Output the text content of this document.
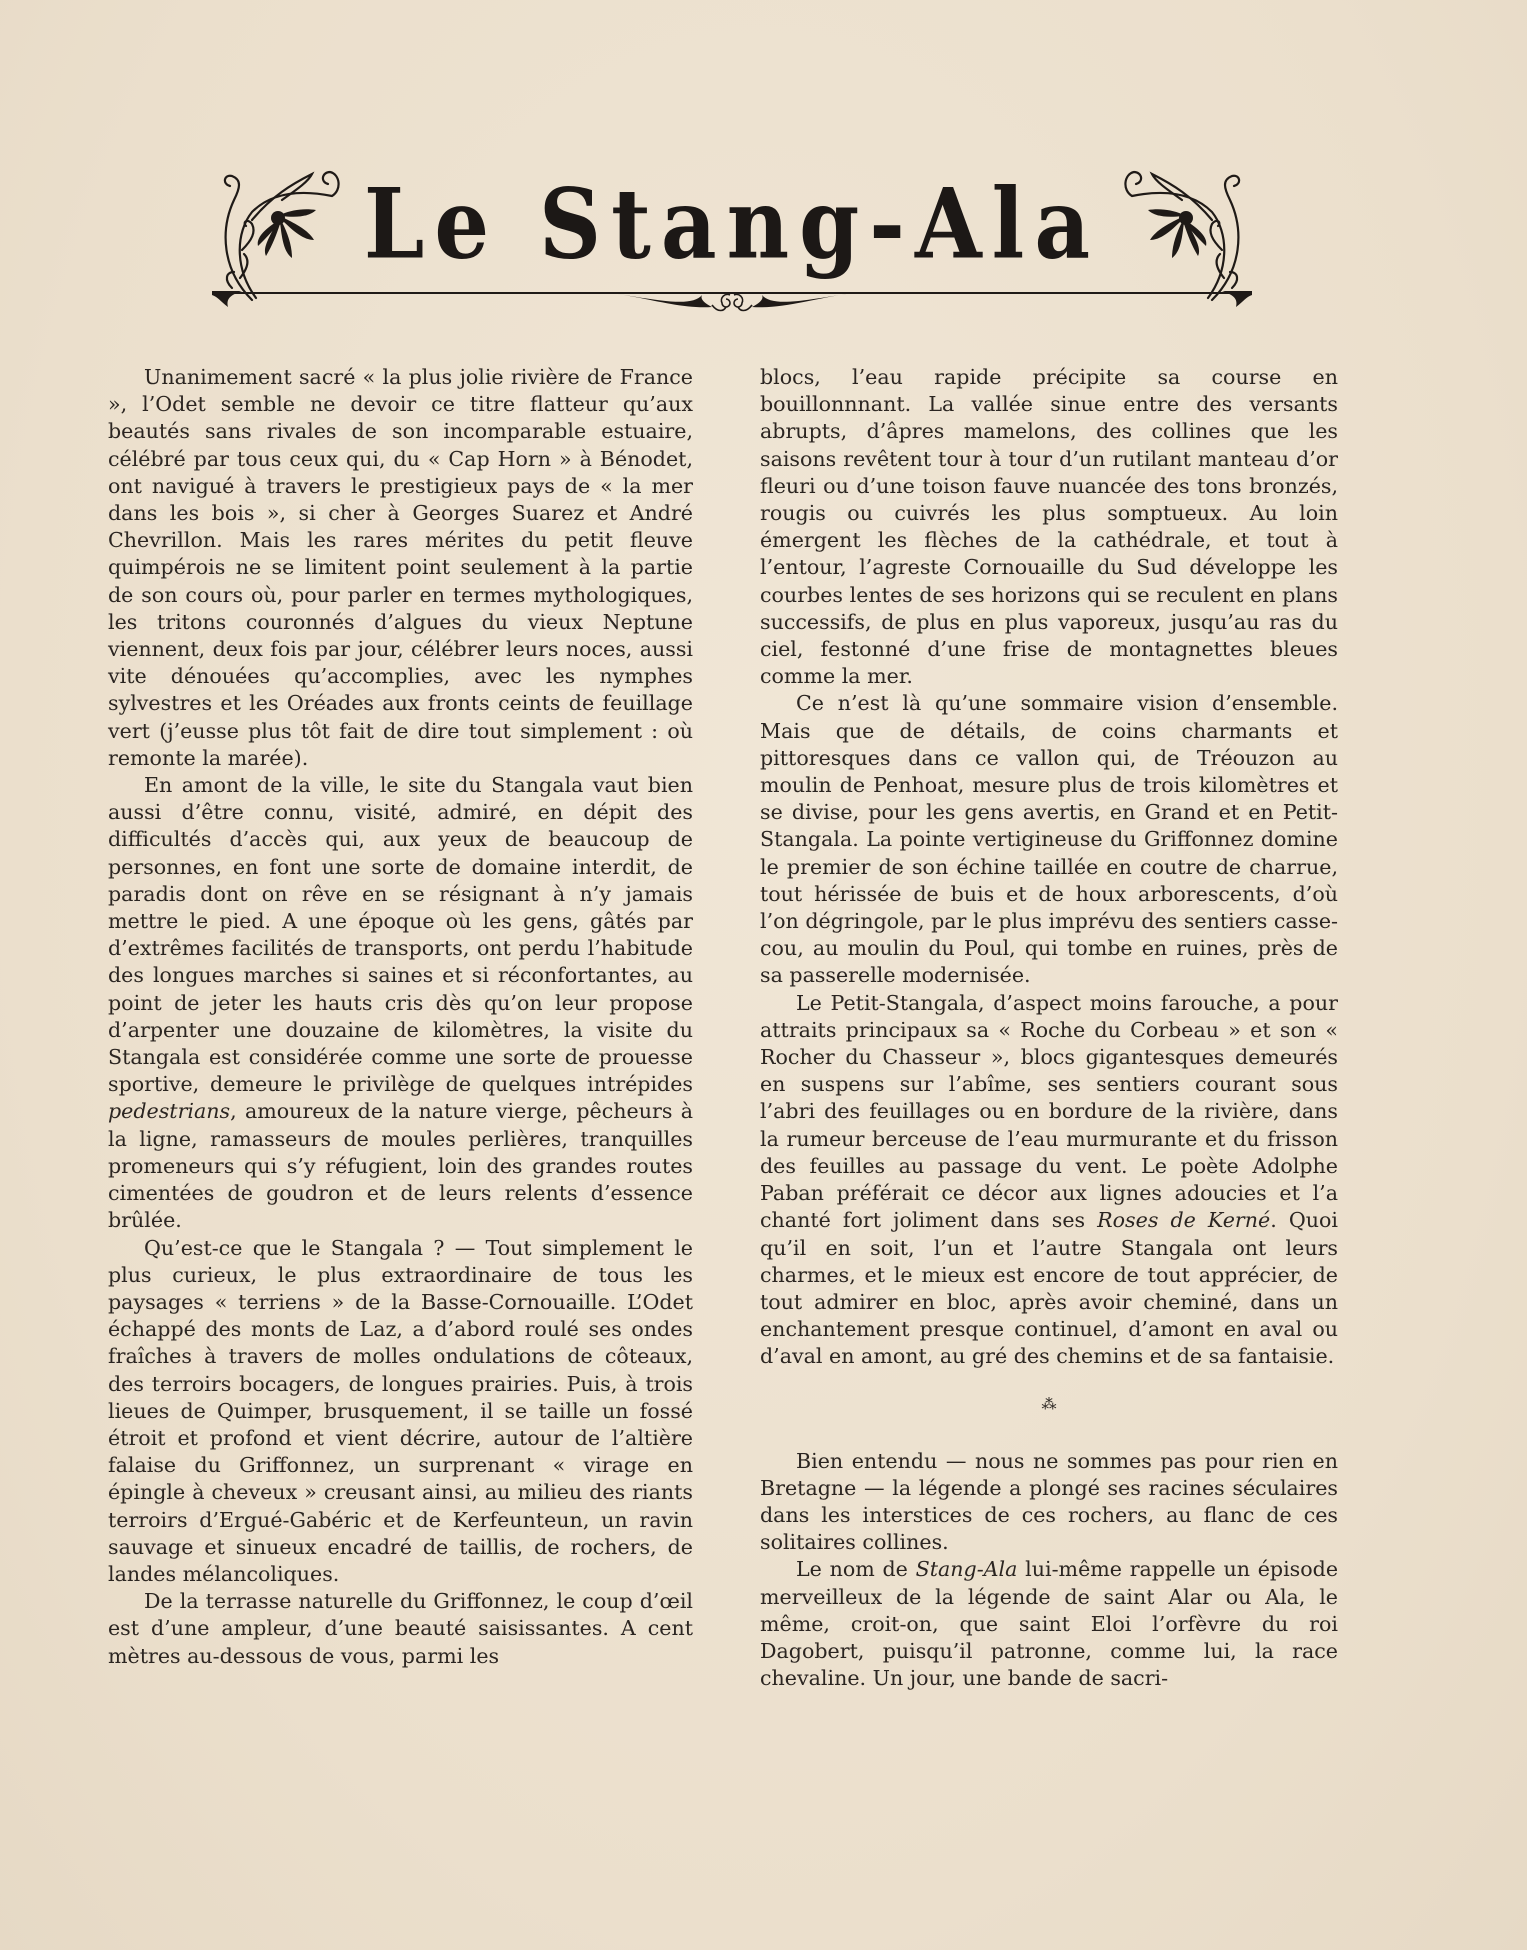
Le Stang-Ala

Unanimement sacré « la plus jolie rivière de France », l’Odet semble ne devoir ce titre flatteur qu’aux beautés sans rivales de son incomparable estuaire, célébré par tous ceux qui, du « Cap Horn » à Bénodet, ont navigué à travers le prestigieux pays de « la mer dans les bois », si cher à Georges Suarez et André Chevrillon. Mais les rares mérites du petit fleuve quimpérois ne se limitent point seulement à la partie de son cours où, pour parler en termes mythologiques, les tritons couronnés d’algues du vieux Neptune viennent, deux fois par jour, célébrer leurs noces, aussi vite dénouées qu’accomplies, avec les nymphes sylvestres et les Oréades aux fronts ceints de feuillage vert (j’eusse plus tôt fait de dire tout simplement : où remonte la marée).

En amont de la ville, le site du Stangala vaut bien aussi d’être connu, visité, admiré, en dépit des difficultés d’accès qui, aux yeux de beaucoup de personnes, en font une sorte de domaine interdit, de paradis dont on rêve en se résignant à n’y jamais mettre le pied. A une époque où les gens, gâtés par d’extrêmes facilités de transports, ont perdu l’habitude des longues marches si saines et si réconfortantes, au point de jeter les hauts cris dès qu’on leur propose d’arpenter une douzaine de kilomètres, la visite du Stangala est considérée comme une sorte de prouesse sportive, demeure le privilège de quelques intrépides pedestrians, amoureux de la nature vierge, pêcheurs à la ligne, ramasseurs de moules perlières, tranquilles promeneurs qui s’y réfugient, loin des grandes routes cimentées de goudron et de leurs relents d’essence brûlée.

Qu’est-ce que le Stangala ? — Tout simplement le plus curieux, le plus extraordinaire de tous les paysages « terriens » de la Basse-Cornouaille. L’Odet échappé des monts de Laz, a d’abord roulé ses ondes fraîches à travers de molles ondulations de côteaux, des terroirs bocagers, de longues prairies. Puis, à trois lieues de Quimper, brusquement, il se taille un fossé étroit et profond et vient décrire, autour de l’altière falaise du Griffonnez, un surprenant « virage en épingle à cheveux » creusant ainsi, au milieu des riants terroirs d’Ergué-Gabéric et de Kerfeunteun, un ravin sauvage et sinueux encadré de taillis, de rochers, de landes mélancoliques.

De la terrasse naturelle du Griffonnez, le coup d’œil est d’une ampleur, d’une beauté saisissantes. A cent mètres au-dessous de vous, parmi les

blocs, l’eau rapide précipite sa course en bouillonnnant. La vallée sinue entre des versants abrupts, d’âpres mamelons, des collines que les saisons revêtent tour à tour d’un rutilant manteau d’or fleuri ou d’une toison fauve nuancée des tons bronzés, rougis ou cuivrés les plus somptueux. Au loin émergent les flèches de la cathédrale, et tout à l’entour, l’agreste Cornouaille du Sud développe les courbes lentes de ses horizons qui se reculent en plans successifs, de plus en plus vaporeux, jusqu’au ras du ciel, festonné d’une frise de montagnettes bleues comme la mer.

Ce n’est là qu’une sommaire vision d’ensemble. Mais que de détails, de coins charmants et pittoresques dans ce vallon qui, de Tréouzon au moulin de Penhoat, mesure plus de trois kilomètres et se divise, pour les gens avertis, en Grand et en Petit-Stangala. La pointe vertigineuse du Griffonnez domine le premier de son échine taillée en coutre de charrue, tout hérissée de buis et de houx arborescents, d’où l’on dégringole, par le plus imprévu des sentiers casse-cou, au moulin du Poul, qui tombe en ruines, près de sa passerelle modernisée.

Le Petit-Stangala, d’aspect moins farouche, a pour attraits principaux sa « Roche du Corbeau » et son « Rocher du Chasseur », blocs gigantesques demeurés en suspens sur l’abîme, ses sentiers courant sous l’abri des feuillages ou en bordure de la rivière, dans la rumeur berceuse de l’eau murmurante et du frisson des feuilles au passage du vent. Le poète Adolphe Paban préférait ce décor aux lignes adoucies et l’a chanté fort joliment dans ses Roses de Kerné. Quoi qu’il en soit, l’un et l’autre Stangala ont leurs charmes, et le mieux est encore de tout apprécier, de tout admirer en bloc, après avoir cheminé, dans un enchantement presque continuel, d’amont en aval ou d’aval en amont, au gré des chemins et de sa fantaisie.

⁂

Bien entendu — nous ne sommes pas pour rien en Bretagne — la légende a plongé ses racines séculaires dans les interstices de ces rochers, au flanc de ces solitaires collines.

Le nom de Stang-Ala lui-même rappelle un épisode merveilleux de la légende de saint Alar ou Ala, le même, croit-on, que saint Eloi l’orfèvre du roi Dagobert, puisqu’il patronne, comme lui, la race chevaline. Un jour, une bande de sacri-
